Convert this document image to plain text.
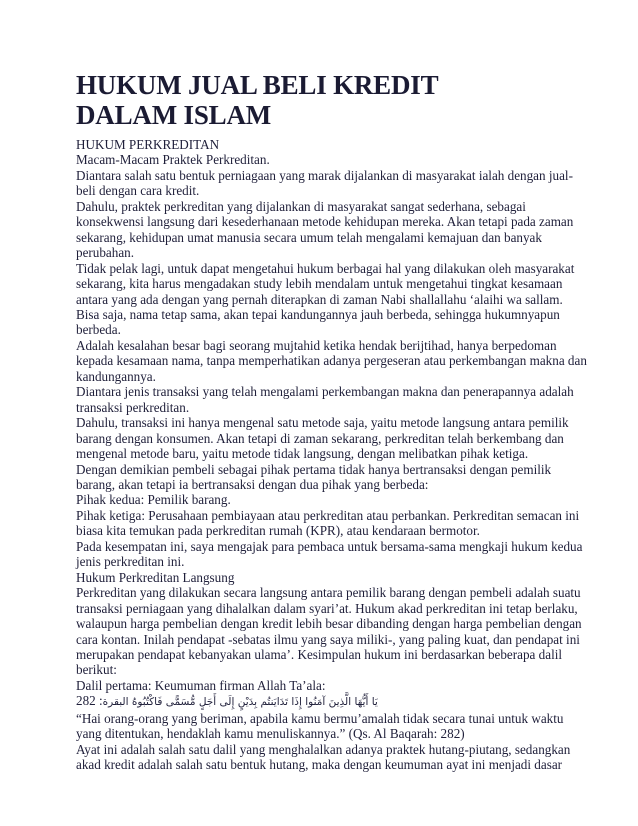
HUKUM JUAL BELI KREDIT
DALAM ISLAM

HUKUM PERKREDITAN

Macam-Macam Praktek Perkreditan.

Diantara salah satu bentuk perniagaan yang marak dijalankan di masyarakat ialah dengan jual-
beli dengan cara kredit.

Dahulu, praktek perkreditan yang dijalankan di masyarakat sangat sederhana, sebagai
konsekwensi langsung dari kesederhanaan metode kehidupan mereka. Akan tetapi pada zaman
sekarang, kehidupan umat manusia secara umum telah mengalami kemajuan dan banyak
perubahan.

Tidak pelak lagi, untuk dapat mengetahui hukum berbagai hal yang dilakukan oleh masyarakat
sekarang, kita harus mengadakan study lebih mendalam untuk mengetahui tingkat kesamaan
antara yang ada dengan yang pernah diterapkan di zaman Nabi shallallahu ‘alaihi wa sallam.
Bisa saja, nama tetap sama, akan tepai kandungannya jauh berbeda, sehingga hukumnyapun
berbeda.

Adalah kesalahan besar bagi seorang mujtahid ketika hendak berijtihad, hanya berpedoman
kepada kesamaan nama, tanpa memperhatikan adanya pergeseran atau perkembangan makna dan
kandungannya.

Diantara jenis transaksi yang telah mengalami perkembangan makna dan penerapannya adalah
transaksi perkreditan.

Dahulu, transaksi ini hanya mengenal satu metode saja, yaitu metode langsung antara pemilik
barang dengan konsumen. Akan tetapi di zaman sekarang, perkreditan telah berkembang dan
mengenal metode baru, yaitu metode tidak langsung, dengan melibatkan pihak ketiga.

Dengan demikian pembeli sebagai pihak pertama tidak hanya bertransaksi dengan pemilik
barang, akan tetapi ia bertransaksi dengan dua pihak yang berbeda:

Pihak kedua: Pemilik barang.

Pihak ketiga: Perusahaan pembiayaan atau perkreditan atau perbankan. Perkreditan semacan ini
biasa kita temukan pada perkreditan rumah (KPR), atau kendaraan bermotor.

Pada kesempatan ini, saya mengajak para pembaca untuk bersama-sama mengkaji hukum kedua
jenis perkreditan ini.

Hukum Perkreditan Langsung

Perkreditan yang dilakukan secara langsung antara pemilik barang dengan pembeli adalah suatu
transaksi perniagaan yang dihalalkan dalam syari’at. Hukum akad perkreditan ini tetap berlaku,
walaupun harga pembelian dengan kredit lebih besar dibanding dengan harga pembelian dengan
cara kontan. Inilah pendapat -sebatas ilmu yang saya miliki-, yang paling kuat, dan pendapat ini
merupakan pendapat kebanyakan ulama’. Kesimpulan hukum ini berdasarkan beberapa dalil
berikut:

Dalil pertama: Keumuman firman Allah Ta’ala:

يَا أَيُّهَا الَّذِينَ آمَنُوا إِذَا تَدَايَنتُم بِدَيْنٍ إِلَى أَجَلٍ مُّسَمًّى فَاكْتُبُوهُ البقرة: 282

“Hai orang-orang yang beriman, apabila kamu bermu’amalah tidak secara tunai untuk waktu
yang ditentukan, hendaklah kamu menuliskannya.” (Qs. Al Baqarah: 282)

Ayat ini adalah salah satu dalil yang menghalalkan adanya praktek hutang-piutang, sedangkan
akad kredit adalah salah satu bentuk hutang, maka dengan keumuman ayat ini menjadi dasar
